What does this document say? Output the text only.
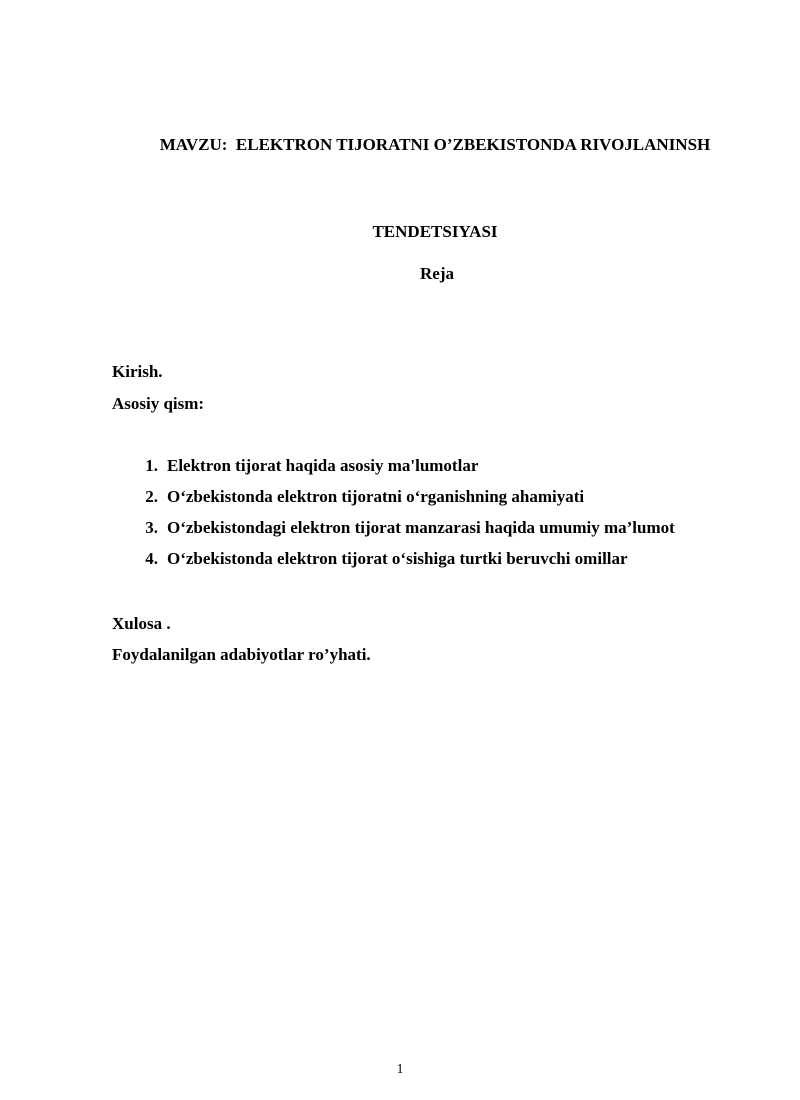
MAVZU:  ELEKTRON TIJORATNI O’ZBEKISTONDA RIVOJLANINSH

TENDETSIYASI

Reja
Kirish.
Asosiy qism:
1. Elektron tijorat haqida asosiy ma'lumotlar
2. O‘zbekistonda elektron tijoratni o‘rganishning ahamiyati
3. O‘zbekistondagi elektron tijorat manzarasi haqida umumiy ma’lumot
4. O‘zbekistonda elektron tijorat o‘sishiga turtki beruvchi omillar
Xulosa .
Foydalanilgan adabiyotlar ro’yhati.
1
